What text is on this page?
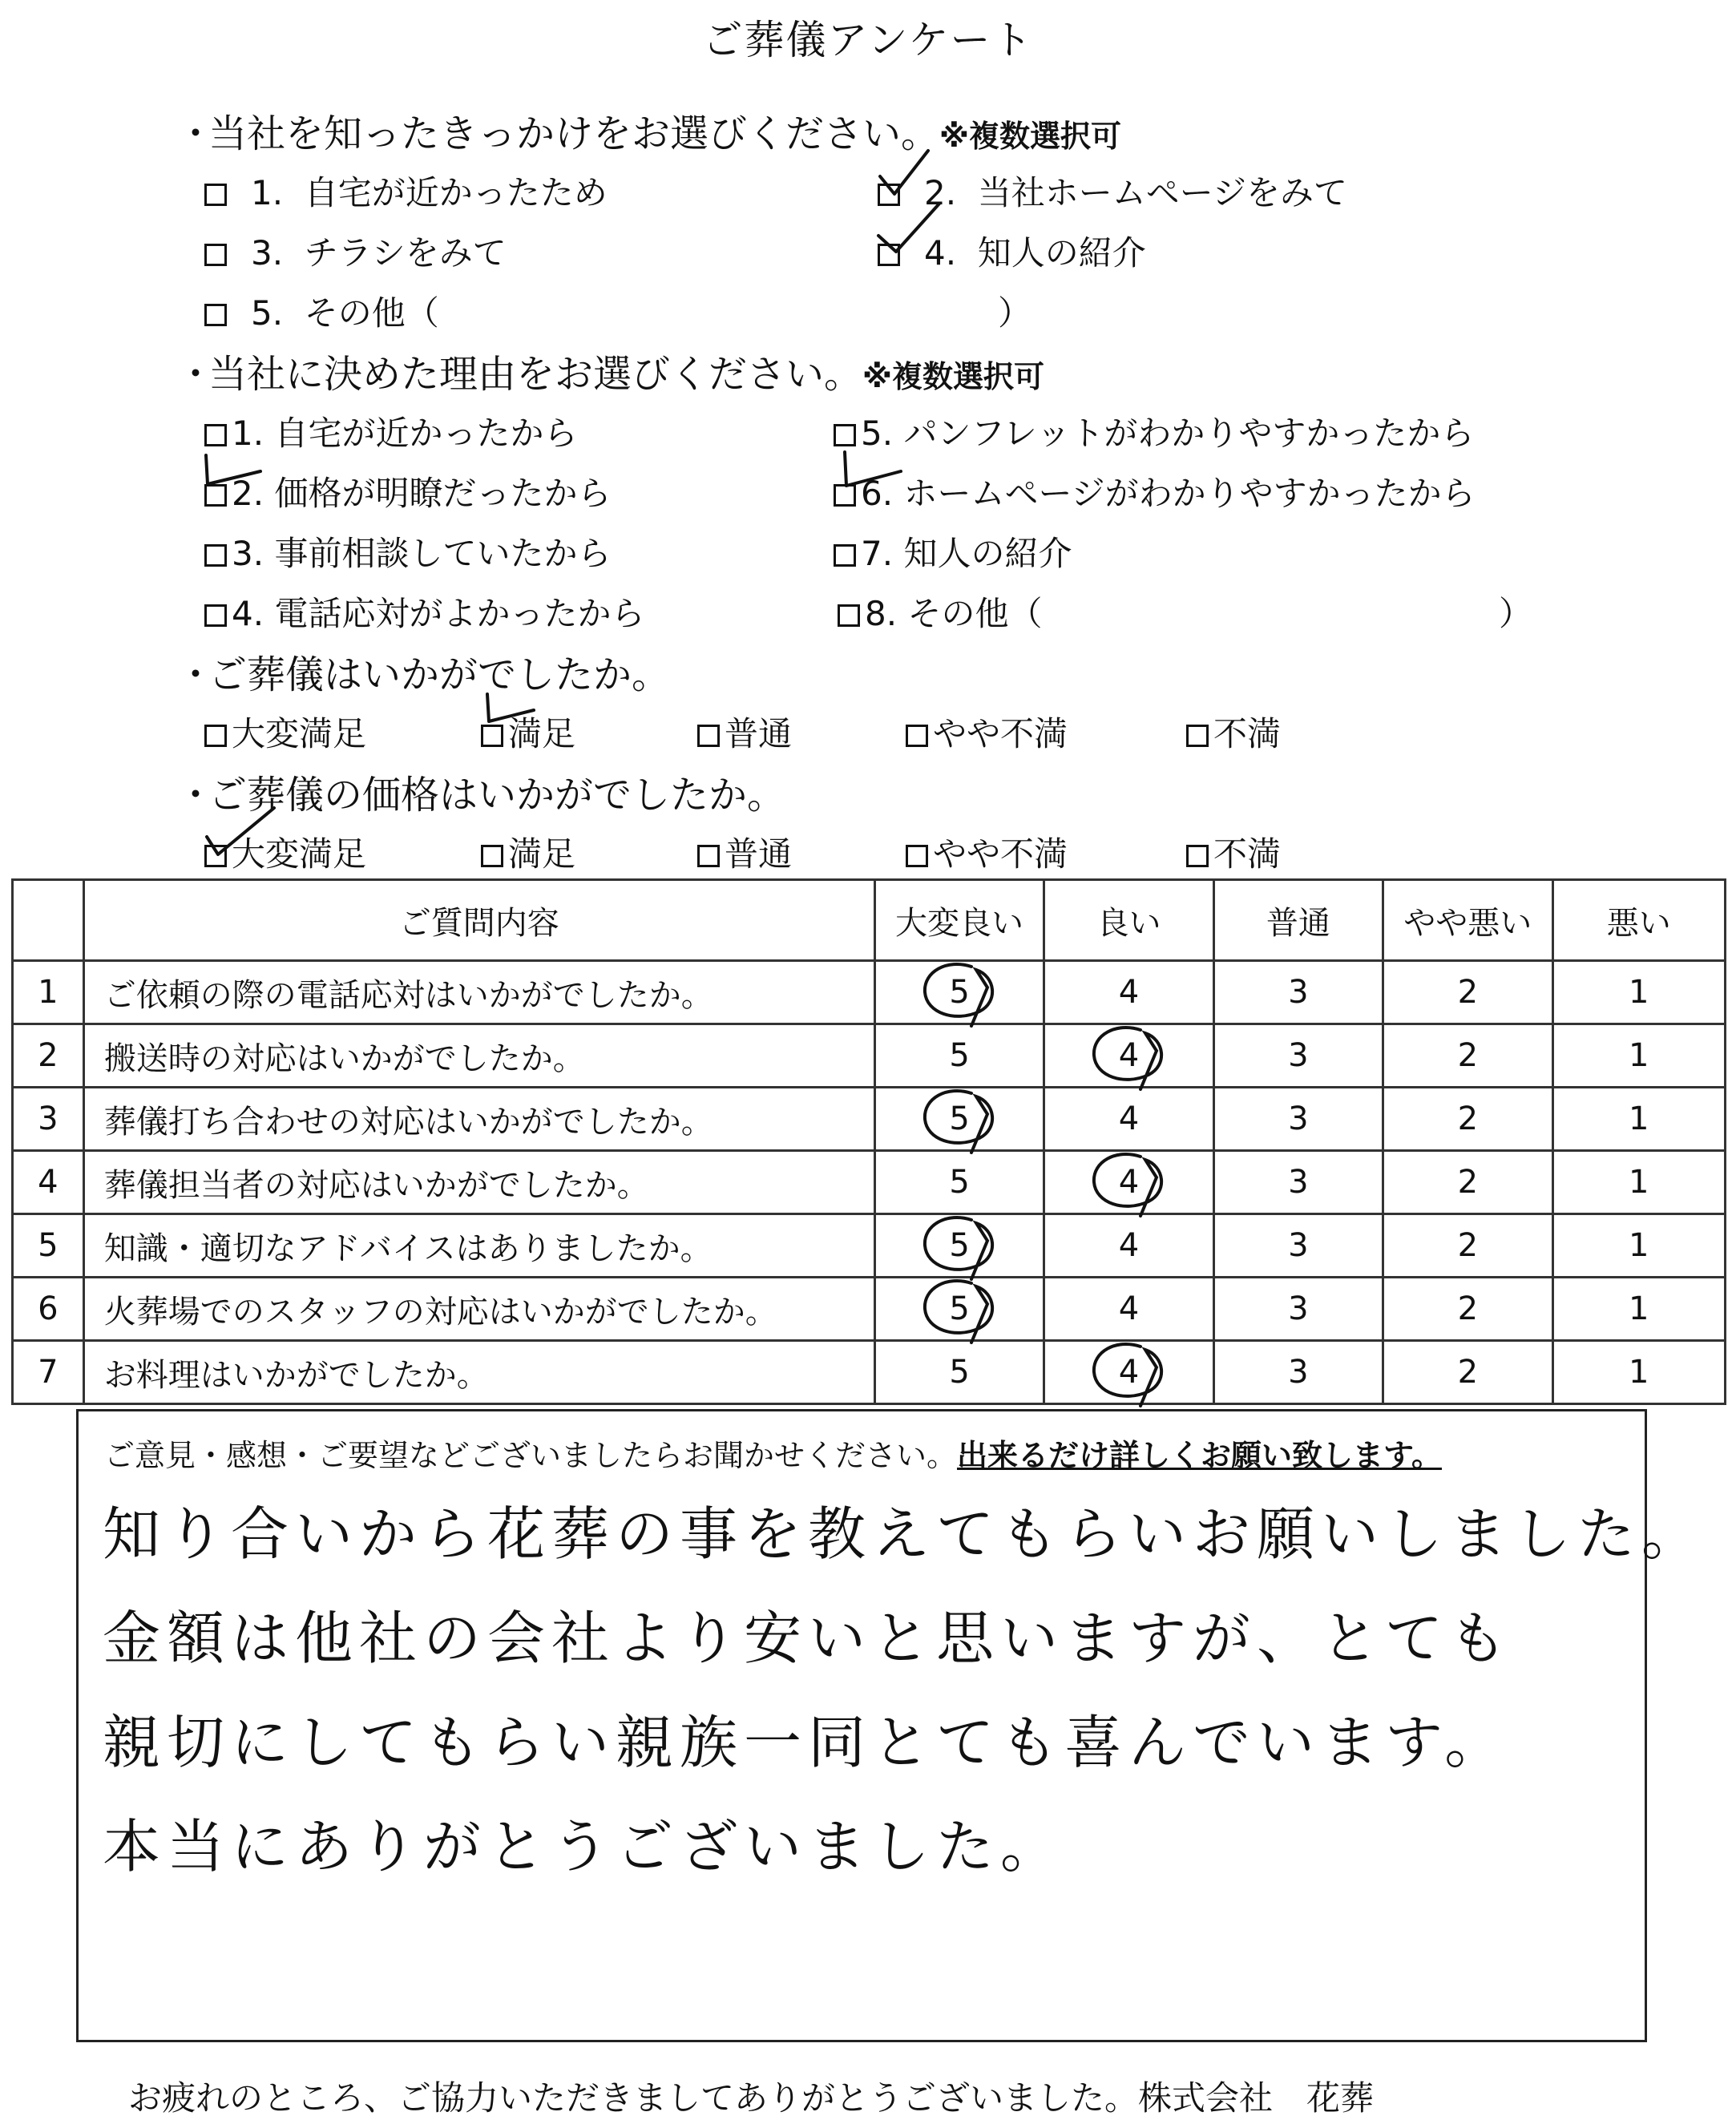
ご葬儀アンケート
・当社を知ったきっかけをお選びください。※複数選択可
1. 自宅が近かったため	2. 当社ホームページをみて
3. チラシをみて	4. 知人の紹介
5. その他（	）
・当社に決めた理由をお選びください。※複数選択可
1. 自宅が近かったから	5. パンフレットがわかりやすかったから
2. 価格が明瞭だったから	6. ホームページがわかりやすかったから
3. 事前相談していたから	7. 知人の紹介
4. 電話応対がよかったから	8. その他（	）
・ご葬儀はいかがでしたか。
大変満足	満足	普通	やや不満	不満
・ご葬儀の価格はいかがでしたか。
大変満足	満足	普通	やや不満	不満
	ご質問内容	大変良い	良い	普通	やや悪い	悪い
1	ご依頼の際の電話応対はいかがでしたか。	5	4	3	2	1
2	搬送時の対応はいかがでしたか。	5	4	3	2	1
3	葬儀打ち合わせの対応はいかがでしたか。	5	4	3	2	1
4	葬儀担当者の対応はいかがでしたか。	5	4	3	2	1
5	知識・適切なアドバイスはありましたか。	5	4	3	2	1
6	火葬場でのスタッフの対応はいかがでしたか。	5	4	3	2	1
7	お料理はいかがでしたか。	5	4	3	2	1
ご意見・感想・ご要望などございましたらお聞かせください。出来るだけ詳しくお願い致します。
知り合いから花葬の事を教えてもらいお願いしました。
金額は他社の会社より安いと思いますが、とても
親切にしてもらい親族一同とても喜んでいます。
本当にありがとうございました。
お疲れのところ、ご協力いただきましてありがとうございました。株式会社　花葬
